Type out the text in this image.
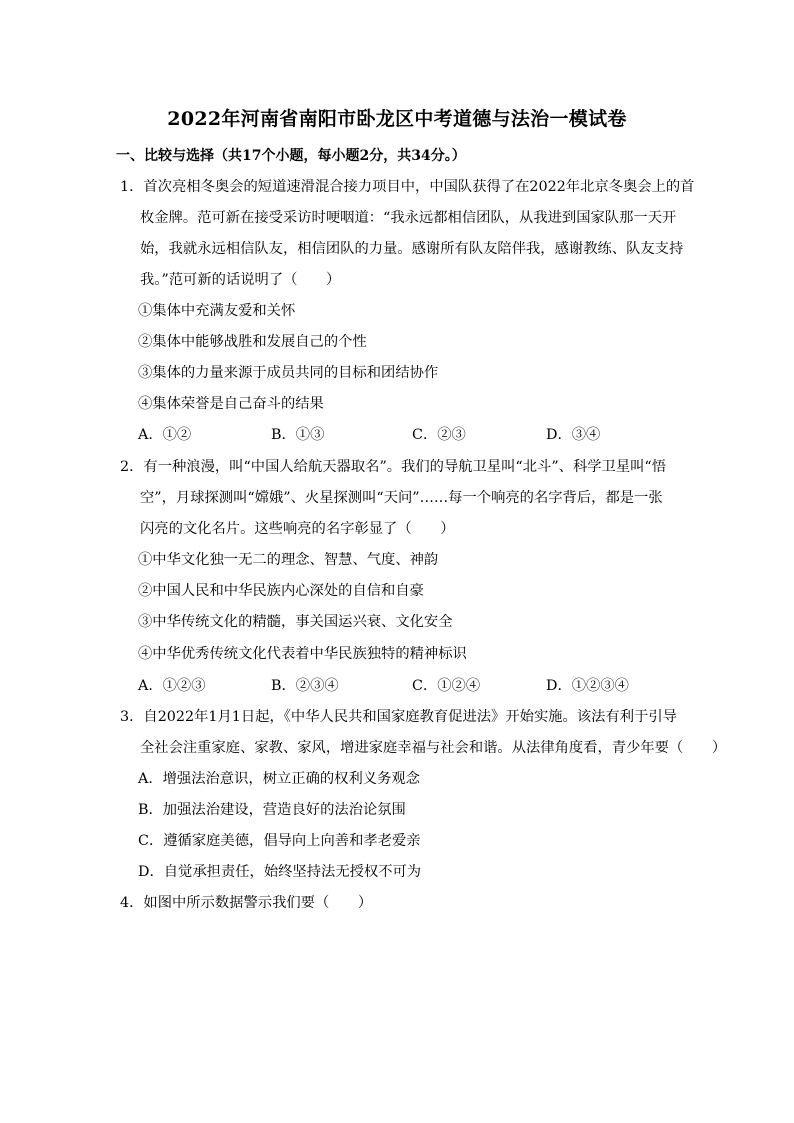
2022年河南省南阳市卧龙区中考道德与法治一模试卷
一、比较与选择（共17个小题，每小题2分，共34分。）
1．首次亮相冬奥会的短道速滑混合接力项目中，中国队获得了在2022年北京冬奥会上的首
枚金牌。范可新在接受采访时哽咽道：“我永远都相信团队，从我进到国家队那一天开
始，我就永远相信队友，相信团队的力量。感谢所有队友陪伴我，感谢教练、队友支持
我。”范可新的话说明了（　　）
①集体中充满友爱和关怀
②集体中能够战胜和发展自己的个性
③集体的力量来源于成员共同的目标和团结协作
④集体荣誉是自己奋斗的结果
A．①②	B．①③	C．②③	D．③④
2．有一种浪漫，叫“中国人给航天器取名”。我们的导航卫星叫“北斗”、科学卫星叫“悟
空”，月球探测叫“嫦娥”、火星探测叫“天问”……每一个响亮的名字背后，都是一张
闪亮的文化名片。这些响亮的名字彰显了（　　）
①中华文化独一无二的理念、智慧、气度、神韵
②中国人民和中华民族内心深处的自信和自豪
③中华传统文化的精髓，事关国运兴衰、文化安全
④中华优秀传统文化代表着中华民族独特的精神标识
A．①②③	B．②③④	C．①②④	D．①②③④
3．自2022年1月1日起，《中华人民共和国家庭教育促进法》开始实施。该法有利于引导
全社会注重家庭、家教、家风，增进家庭幸福与社会和谐。从法律角度看，青少年要（　　）
A．增强法治意识，树立正确的权利义务观念
B．加强法治建设，营造良好的法治论氛围
C．遵循家庭美德，倡导向上向善和孝老爱亲
D．自觉承担责任，始终坚持法无授权不可为
4．如图中所示数据警示我们要（　　）
